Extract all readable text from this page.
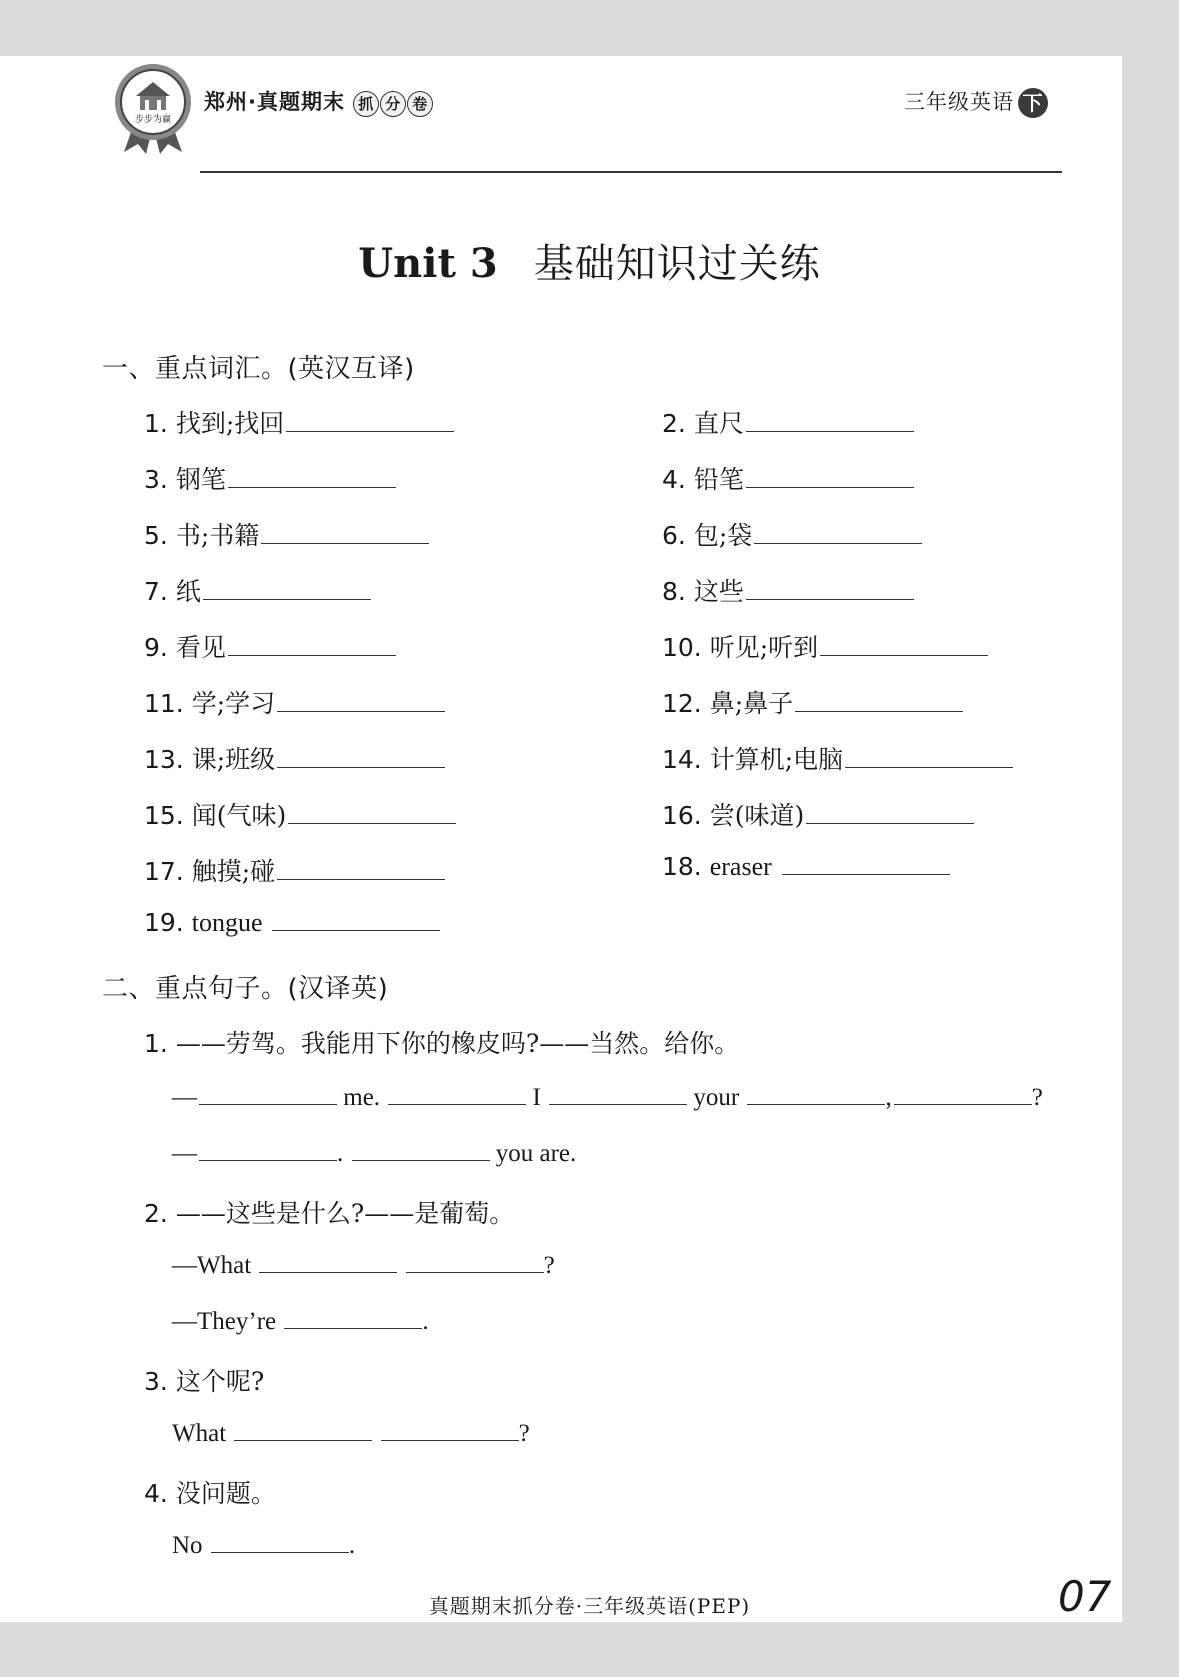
步步为赢
郑州·真题期末 抓 分 卷	三年级英语 下
Unit 3 基础知识过关练
一、重点词汇。(英汉互译)
1. 找到;找回	2. 直尺
3. 钢笔	4. 铅笔
5. 书;书籍	6. 包;袋
7. 纸	8. 这些
9. 看见	10. 听见;听到
11. 学;学习	12. 鼻;鼻子
13. 课;班级	14. 计算机;电脑
15. 闻(气味)	16. 尝(味道)
17. 触摸;碰	18. eraser
19. tongue
二、重点句子。(汉译英)
1. ——劳驾。我能用下你的橡皮吗?——当然。给你。
—	me.	I	your	,	?
—	.	you are.
2. ——这些是什么?——是葡萄。
—What	?
—They’re	.
3. 这个呢?
What	?
4. 没问题。
No	.
真题期末抓分卷·三年级英语(PEP)	07
